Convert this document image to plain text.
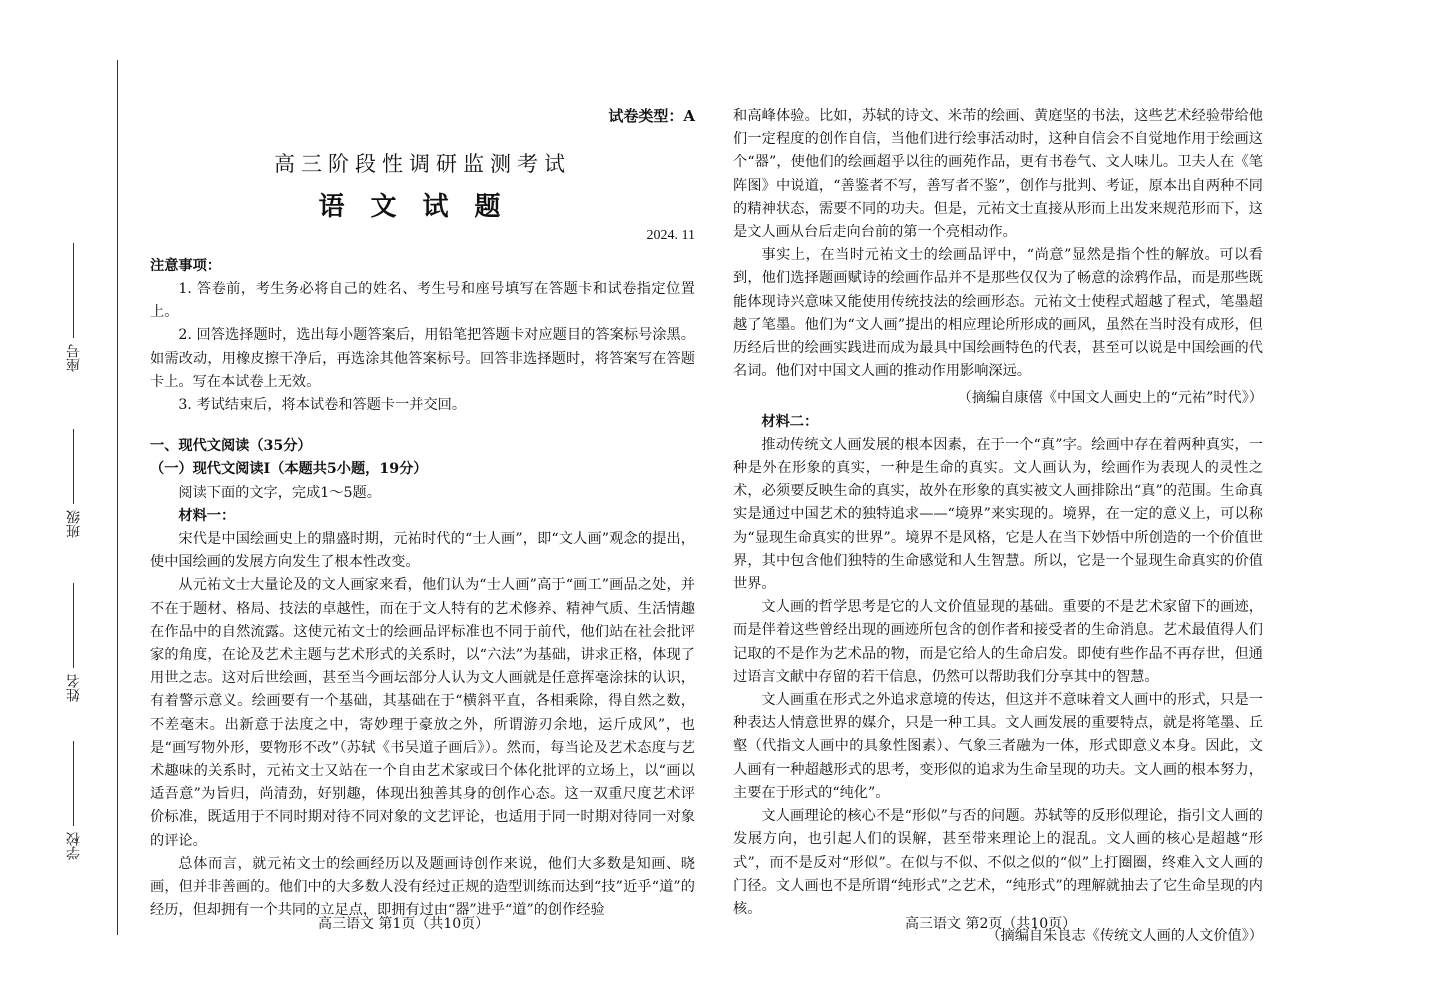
座号
班级
姓名
学校
试卷类型：A
高三阶段性调研监测考试
语文试题
2024. 11

注意事项：

1. 答卷前，考生务必将自己的姓名、考生号和座号填写在答题卡和试卷指定位置上。

2. 回答选择题时，选出每小题答案后，用铅笔把答题卡对应题目的答案标号涂黑。如需改动，用橡皮擦干净后，再选涂其他答案标号。回答非选择题时，将答案写在答题卡上。写在本试卷上无效。

3. 考试结束后，将本试卷和答题卡一并交回。

一、现代文阅读（35分）

（一）现代文阅读Ⅰ（本题共5小题，19分）

阅读下面的文字，完成1～5题。

材料一：

宋代是中国绘画史上的鼎盛时期，元祐时代的“士人画”，即“文人画”观念的提出，使中国绘画的发展方向发生了根本性改变。

从元祐文士大量论及的文人画家来看，他们认为“士人画”高于“画工”画品之处，并不在于题材、格局、技法的卓越性，而在于文人特有的艺术修养、精神气质、生活情趣在作品中的自然流露。这使元祐文士的绘画品评标准也不同于前代，他们站在社会批评家的角度，在论及艺术主题与艺术形式的关系时，以“六法”为基础，讲求正格，体现了用世之志。这对后世绘画，甚至当今画坛部分人认为文人画就是任意挥毫涂抹的认识，有着警示意义。绘画要有一个基础，其基础在于“横斜平直，各相乘除，得自然之数，不差毫末。出新意于法度之中，寄妙理于豪放之外，所谓游刃余地，运斤成风”，也是“画写物外形，要物形不改”（苏轼《书吴道子画后》）。然而，每当论及艺术态度与艺术趣味的关系时，元祐文士又站在一个自由艺术家或曰个体化批评的立场上，以“画以适吾意”为旨归，尚清劲，好别趣，体现出独善其身的创作心态。这一双重尺度艺术评价标准，既适用于不同时期对待不同对象的文艺评论，也适用于同一时期对待同一对象的评论。

总体而言，就元祐文士的绘画经历以及题画诗创作来说，他们大多数是知画、晓画，但并非善画的。他们中的大多数人没有经过正规的造型训练而达到“技”近乎“道”的经历，但却拥有一个共同的立足点，即拥有过由“器”进乎“道”的创作经验

和高峰体验。比如，苏轼的诗文、米芾的绘画、黄庭坚的书法，这些艺术经验带给他们一定程度的创作自信，当他们进行绘事活动时，这种自信会不自觉地作用于绘画这个“器”，使他们的绘画超乎以往的画苑作品，更有书卷气、文人味儿。卫夫人在《笔阵图》中说道，“善鉴者不写，善写者不鉴”，创作与批判、考证，原本出自两种不同的精神状态，需要不同的功夫。但是，元祐文士直接从形而上出发来规范形而下，这是文人画从台后走向台前的第一个亮相动作。

事实上，在当时元祐文士的绘画品评中，“尚意”显然是指个性的解放。可以看到，他们选择题画赋诗的绘画作品并不是那些仅仅为了畅意的涂鸦作品，而是那些既能体现诗兴意味又能使用传统技法的绘画形态。元祐文士使程式超越了程式，笔墨超越了笔墨。他们为“文人画”提出的相应理论所形成的画风，虽然在当时没有成形，但历经后世的绘画实践进而成为最具中国绘画特色的代表，甚至可以说是中国绘画的代名词。他们对中国文人画的推动作用影响深远。

（摘编自康僖《中国文人画史上的“元祐”时代》）

材料二：

推动传统文人画发展的根本因素，在于一个“真”字。绘画中存在着两种真实，一种是外在形象的真实，一种是生命的真实。文人画认为，绘画作为表现人的灵性之术，必须要反映生命的真实，故外在形象的真实被文人画排除出“真”的范围。生命真实是通过中国艺术的独特追求——“境界”来实现的。境界，在一定的意义上，可以称为“显现生命真实的世界”。境界不是风格，它是人在当下妙悟中所创造的一个价值世界，其中包含他们独特的生命感觉和人生智慧。所以，它是一个显现生命真实的价值世界。

文人画的哲学思考是它的人文价值显现的基础。重要的不是艺术家留下的画迹，而是伴着这些曾经出现的画迹所包含的创作者和接受者的生命消息。艺术最值得人们记取的不是作为艺术品的物，而是它给人的生命启发。即使有些作品不再存世，但通过语言文献中存留的若干信息，仍然可以帮助我们分享其中的智慧。

文人画重在形式之外追求意境的传达，但这并不意味着文人画中的形式，只是一种表达人情意世界的媒介，只是一种工具。文人画发展的重要特点，就是将笔墨、丘壑（代指文人画中的具象性图素）、气象三者融为一体，形式即意义本身。因此，文人画有一种超越形式的思考，变形似的追求为生命呈现的功夫。文人画的根本努力，主要在于形式的“纯化”。

文人画理论的核心不是“形似”与否的问题。苏轼等的反形似理论，指引文人画的发展方向，也引起人们的误解，甚至带来理论上的混乱。文人画的核心是超越“形式”，而不是反对“形似”。在似与不似、不似之似的“似”上打圈圈，终难入文人画的门径。文人画也不是所谓“纯形式”之艺术，“纯形式”的理解就抽去了它生命呈现的内核。

（摘编自朱良志《传统文人画的人文价值》）

高三语文 第1页（共10页）	高三语文 第2页（共10页）
